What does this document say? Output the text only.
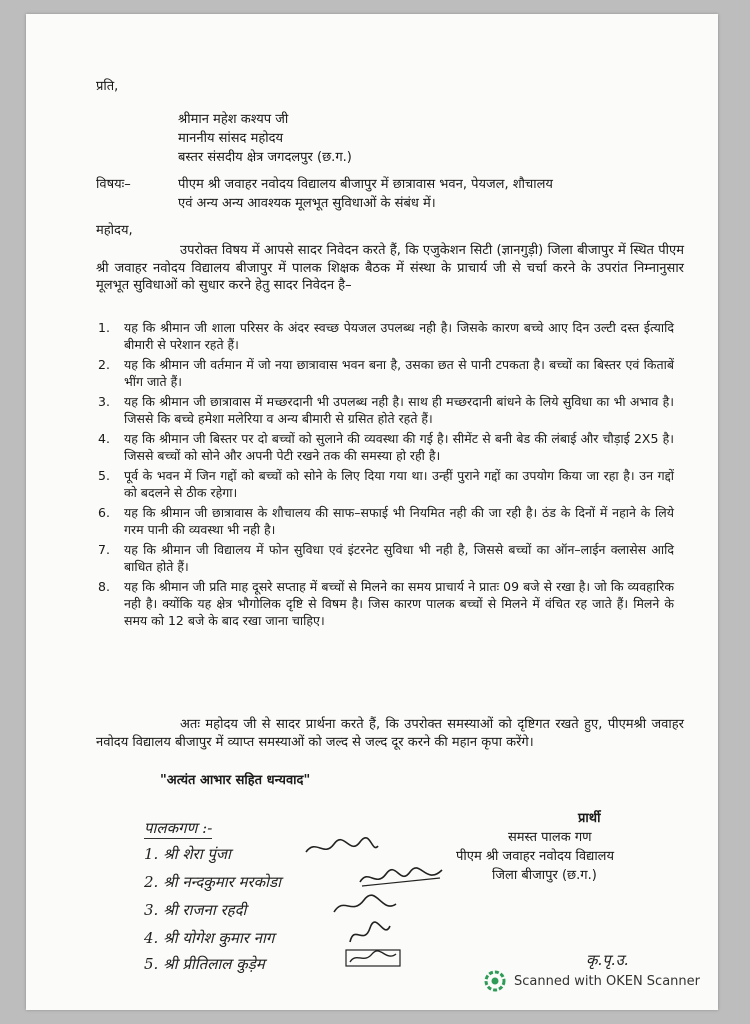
प्रति,
श्रीमान महेश कश्यप जी
माननीय सांसद महोदय
बस्तर संसदीय क्षेत्र जगदलपुर (छ.ग.)
विषयः–	पीएम श्री जवाहर नवोदय विद्यालय बीजापुर में छात्रावास भवन, पेयजल, शौचालय
एवं अन्य अन्य आवश्यक मूलभूत सुविधाओं के संबंध में।
महोदय,
उपरोक्त विषय में आपसे सादर निवेदन करते हैं, कि एजुकेशन सिटी (ज्ञानगुड़ी) जिला बीजापुर में स्थित पीएम श्री जवाहर नवोदय विद्यालय बीजापुर में पालक शिक्षक बैठक में संस्था के प्राचार्य जी से चर्चा करने के उपरांत निम्नानुसार मूलभूत सुविधाओं को सुधार करने हेतु सादर निवेदन है–
1. यह कि श्रीमान जी शाला परिसर के अंदर स्वच्छ पेयजल उपलब्ध नही है। जिसके कारण बच्चे आए दिन उल्टी दस्त ईत्यादि बीमारी से परेशान रहते हैं।
2. यह कि श्रीमान जी वर्तमान में जो नया छात्रावास भवन बना है, उसका छत से पानी टपकता है। बच्चों का बिस्तर एवं किताबें भींग जाते हैं।
3. यह कि श्रीमान जी छात्रावास में मच्छरदानी भी उपलब्ध नही है। साथ ही मच्छरदानी बांधने के लिये सुविधा का भी अभाव है। जिससे कि बच्चे हमेशा मलेरिया व अन्य बीमारी से ग्रसित होते रहते हैं।
4. यह कि श्रीमान जी बिस्तर पर दो बच्चों को सुलाने की व्यवस्था की गई है। सीमेंट से बनी बेड की लंबाई और चौड़ाई 2X5 है। जिससे बच्चों को सोने और अपनी पेटी रखने तक की समस्या हो रही है।
5. पूर्व के भवन में जिन गद्दों को बच्चों को सोने के लिए दिया गया था। उन्हीं पुराने गद्दों का उपयोग किया जा रहा है। उन गद्दों को बदलने से ठीक रहेगा।
6. यह कि श्रीमान जी छात्रावास के शौचालय की साफ–सफाई भी नियमित नही की जा रही है। ठंड के दिनों में नहाने के लिये गरम पानी की व्यवस्था भी नही है।
7. यह कि श्रीमान जी विद्यालय में फोन सुविधा एवं इंटरनेट सुविधा भी नही है, जिससे बच्चों का ऑन–लाईन क्लासेस आदि बाधित होते हैं।
8. यह कि श्रीमान जी प्रति माह दूसरे सप्ताह में बच्चों से मिलने का समय प्राचार्य ने प्रातः 09 बजे से रखा है। जो कि व्यवहारिक नही है। क्योंकि यह क्षेत्र भौगोलिक दृष्टि से विषम है। जिस कारण पालक बच्चों से मिलने में वंचित रह जाते हैं। मिलने के समय को 12 बजे के बाद रखा जाना चाहिए।
अतः महोदय जी से सादर प्रार्थना करते हैं, कि उपरोक्त समस्याओं को दृष्टिगत रखते हुए, पीएमश्री जवाहर नवोदय विद्यालय बीजापुर में व्याप्त समस्याओं को जल्द से जल्द दूर करने की महान कृपा करेंगे।
"अत्यंत आभार सहित धन्यवाद"
प्रार्थी
समस्त पालक गण
पीएम श्री जवाहर नवोदय विद्यालय
जिला बीजापुर (छ.ग.)
पालकगण :-
1. श्री शेरा पुंजा
2. श्री नन्दकुमार मरकोडा
3. श्री राजना रहदी
4. श्री योगेश कुमार नाग
5. श्री प्रीतिलाल कुड़ेम	कृ.पृ.उ.
Scanned with OKEN Scanner
